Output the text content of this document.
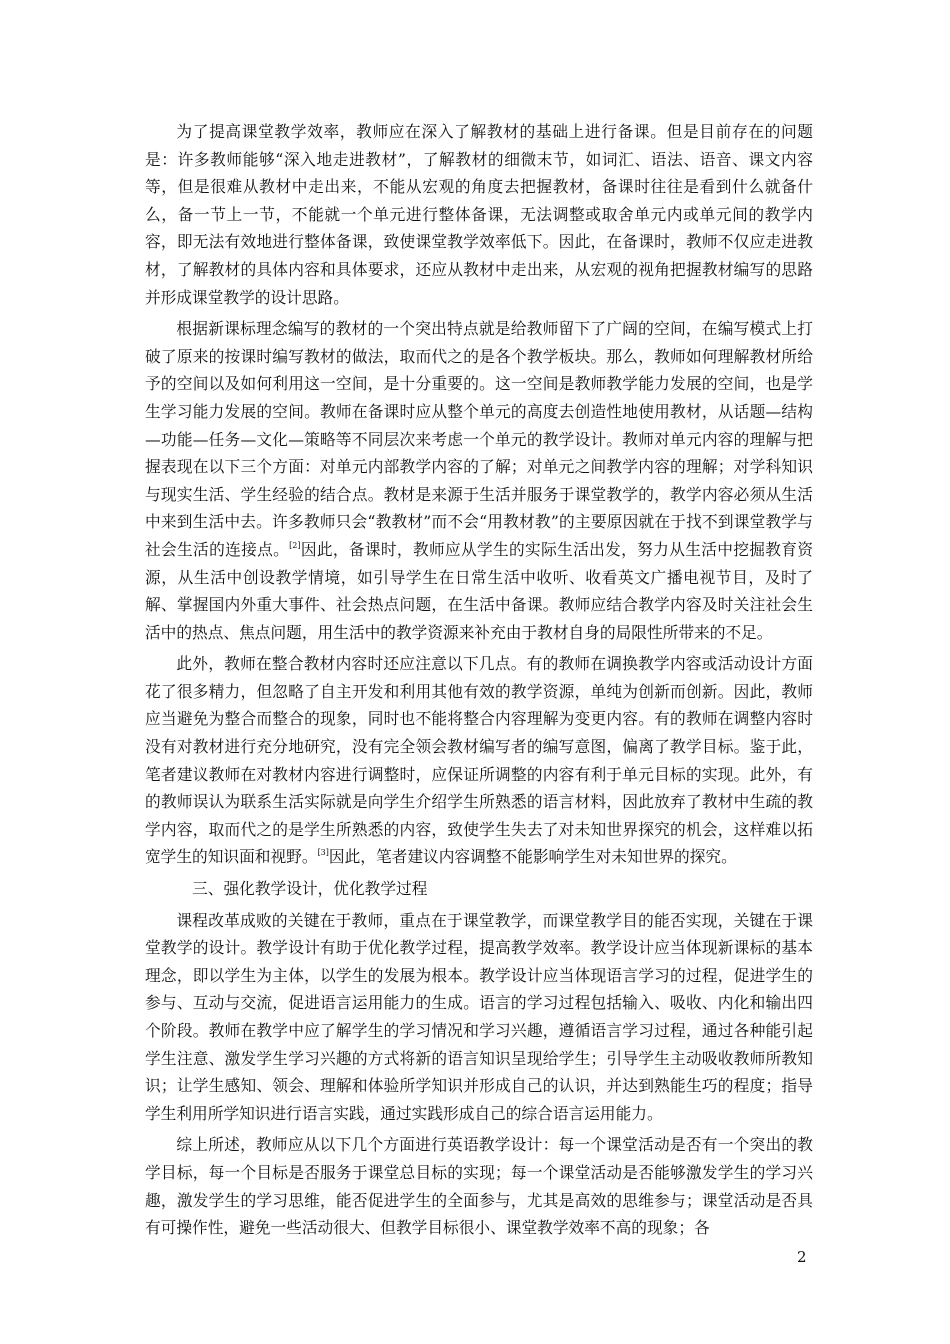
为了提高课堂教学效率，教师应在深入了解教材的基础上进行备课。但是目前存在的问题是：许多教师能够“深入地走进教材”，了解教材的细微末节，如词汇、语法、语音、课文内容等，但是很难从教材中走出来，不能从宏观的角度去把握教材，备课时往往是看到什么就备什么，备一节上一节，不能就一个单元进行整体备课，无法调整或取舍单元内或单元间的教学内容，即无法有效地进行整体备课，致使课堂教学效率低下。因此，在备课时，教师不仅应走进教材，了解教材的具体内容和具体要求，还应从教材中走出来，从宏观的视角把握教材编写的思路并形成课堂教学的设计思路。

根据新课标理念编写的教材的一个突出特点就是给教师留下了广阔的空间，在编写模式上打破了原来的按课时编写教材的做法，取而代之的是各个教学板块。那么，教师如何理解教材所给予的空间以及如何利用这一空间，是十分重要的。这一空间是教师教学能力发展的空间，也是学生学习能力发展的空间。教师在备课时应从整个单元的高度去创造性地使用教材，从话题—结构—功能—任务—文化—策略等不同层次来考虑一个单元的教学设计。教师对单元内容的理解与把握表现在以下三个方面：对单元内部教学内容的了解；对单元之间教学内容的理解；对学科知识与现实生活、学生经验的结合点。教材是来源于生活并服务于课堂教学的，教学内容必须从生活中来到生活中去。许多教师只会“教教材”而不会“用教材教”的主要原因就在于找不到课堂教学与社会生活的连接点。[2]因此，备课时，教师应从学生的实际生活出发，努力从生活中挖掘教育资源，从生活中创设教学情境，如引导学生在日常生活中收听、收看英文广播电视节目，及时了解、掌握国内外重大事件、社会热点问题，在生活中备课。教师应结合教学内容及时关注社会生活中的热点、焦点问题，用生活中的教学资源来补充由于教材自身的局限性所带来的不足。

此外，教师在整合教材内容时还应注意以下几点。有的教师在调换教学内容或活动设计方面花了很多精力，但忽略了自主开发和利用其他有效的教学资源，单纯为创新而创新。因此，教师应当避免为整合而整合的现象，同时也不能将整合内容理解为变更内容。有的教师在调整内容时没有对教材进行充分地研究，没有完全领会教材编写者的编写意图，偏离了教学目标。鉴于此，笔者建议教师在对教材内容进行调整时，应保证所调整的内容有利于单元目标的实现。此外，有的教师误认为联系生活实际就是向学生介绍学生所熟悉的语言材料，因此放弃了教材中生疏的教学内容，取而代之的是学生所熟悉的内容，致使学生失去了对未知世界探究的机会，这样难以拓宽学生的知识面和视野。[3]因此，笔者建议内容调整不能影响学生对未知世界的探究。

三、强化教学设计，优化教学过程

课程改革成败的关键在于教师，重点在于课堂教学，而课堂教学目的能否实现，关键在于课堂教学的设计。教学设计有助于优化教学过程，提高教学效率。教学设计应当体现新课标的基本理念，即以学生为主体，以学生的发展为根本。教学设计应当体现语言学习的过程，促进学生的参与、互动与交流，促进语言运用能力的生成。语言的学习过程包括输入、吸收、内化和输出四个阶段。教师在教学中应了解学生的学习情况和学习兴趣，遵循语言学习过程，通过各种能引起学生注意、激发学生学习兴趣的方式将新的语言知识呈现给学生；引导学生主动吸收教师所教知识；让学生感知、领会、理解和体验所学知识并形成自己的认识，并达到熟能生巧的程度；指导学生利用所学知识进行语言实践，通过实践形成自己的综合语言运用能力。

综上所述，教师应从以下几个方面进行英语教学设计：每一个课堂活动是否有一个突出的教学目标，每一个目标是否服务于课堂总目标的实现；每一个课堂活动是否能够激发学生的学习兴趣，激发学生的学习思维，能否促进学生的全面参与，尤其是高效的思维参与；课堂活动是否具有可操作性，避免一些活动很大、但教学目标很小、课堂教学效率不高的现象；各

2
